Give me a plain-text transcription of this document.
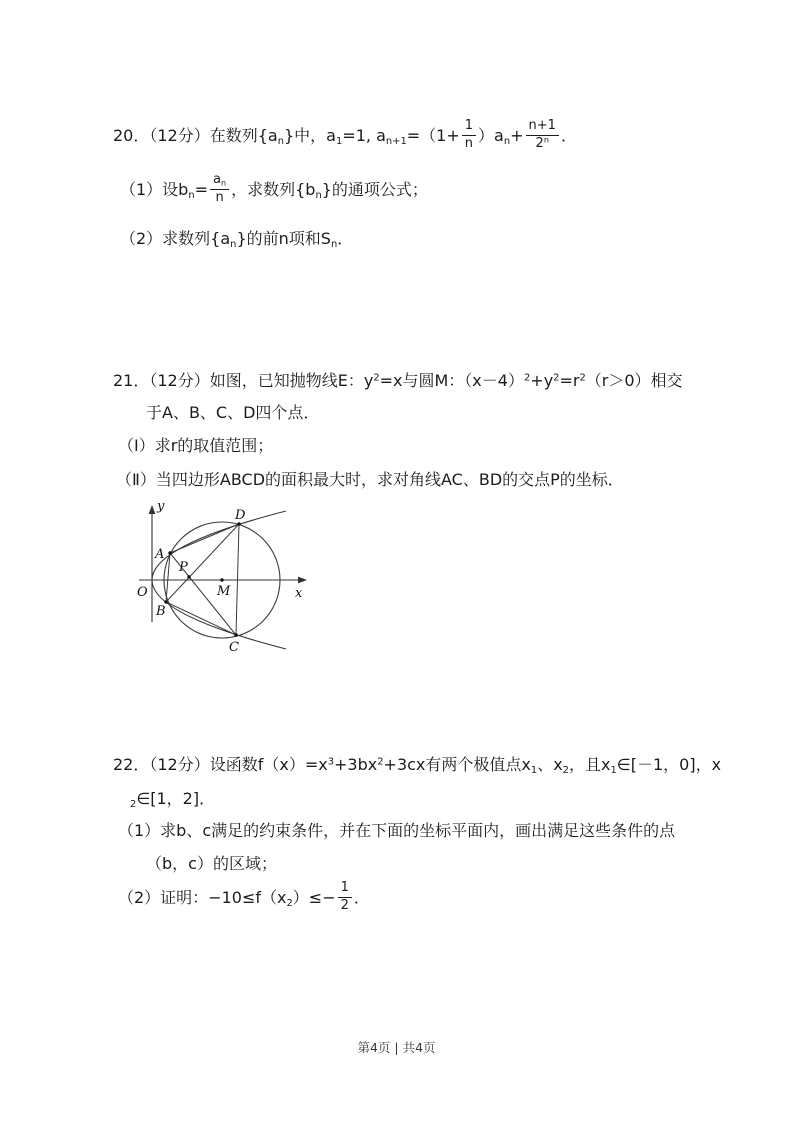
20．（12分）在数列$\{a_n\}$中，$a_1=1$, $a_{n+1}=(1+ \frac{1}{n} )a_n+ \frac{n+1}{2^n}$ ．
（1）设$b_n= \frac{a_n}{n}$ ，求数列$\{b_n\}$的通项公式；
（2）求数列$\{a_n\}$的前n项和$S_n$．
21．（12分）如图，已知抛物线E：$y^2=x$与圆M：$(x-4)^2+y^2=r^2(r>0)$相交
于A、B、C、D四个点．
（Ⅰ）求r的取值范围；
（Ⅱ）当四边形ABCD的面积最大时，求对角线AC、BD的交点P的坐标．
y
x
O
A
B
C
D
M
P
22．（12分）设函数$f(x)=x^3+3bx^2+3cx$有两个极值点$x_1$、$x_2$，且$x_1\in[-1$，0]，x
$_2$∈[1，2]．
（1）求b、c满足的约束条件，并在下面的坐标平面内，画出满足这些条件的点
（b，c）的区域；
（2）证明：$-10\le f(x_2)\le- \frac{1}{2}$ ．
第4页 | 共4页
